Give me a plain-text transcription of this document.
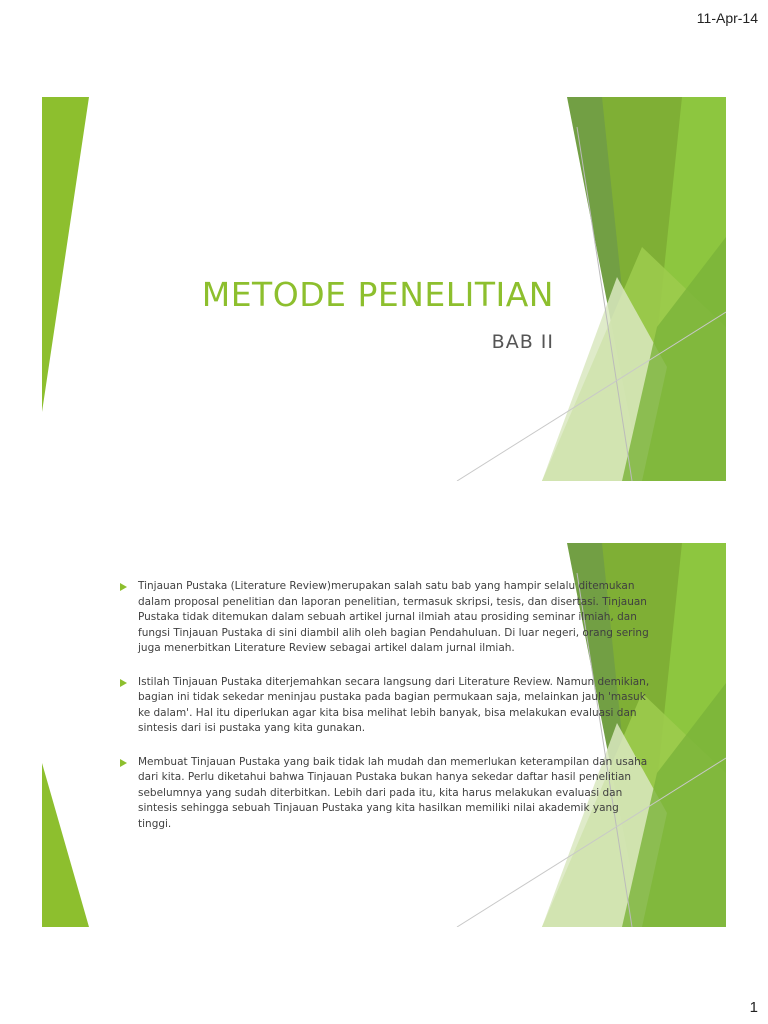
11-Apr-14
METODE PENELITIAN
BAB II
Tinjauan Pustaka (Literature Review)merupakan salah satu bab yang hampir selalu ditemukan dalam proposal penelitian dan laporan penelitian, termasuk skripsi, tesis, dan disertasi. Tinjauan Pustaka tidak ditemukan dalam sebuah artikel jurnal ilmiah atau prosiding seminar ilmiah, dan fungsi Tinjauan Pustaka di sini diambil alih oleh bagian Pendahuluan. Di luar negeri, orang sering juga menerbitkan Literature Review sebagai artikel dalam jurnal ilmiah.
Istilah Tinjauan Pustaka diterjemahkan secara langsung dari Literature Review. Namun demikian, bagian ini tidak sekedar meninjau pustaka pada bagian permukaan saja, melainkan jauh 'masuk ke dalam'. Hal itu diperlukan agar kita bisa melihat lebih banyak, bisa melakukan evaluasi dan sintesis dari isi pustaka yang kita gunakan.
Membuat Tinjauan Pustaka yang baik tidak lah mudah dan memerlukan keterampilan dan usaha dari kita. Perlu diketahui bahwa Tinjauan Pustaka bukan hanya sekedar daftar hasil penelitian sebelumnya yang sudah diterbitkan. Lebih dari pada itu, kita harus melakukan evaluasi dan sintesis sehingga sebuah Tinjauan Pustaka yang kita hasilkan memiliki nilai akademik yang tinggi.
1
